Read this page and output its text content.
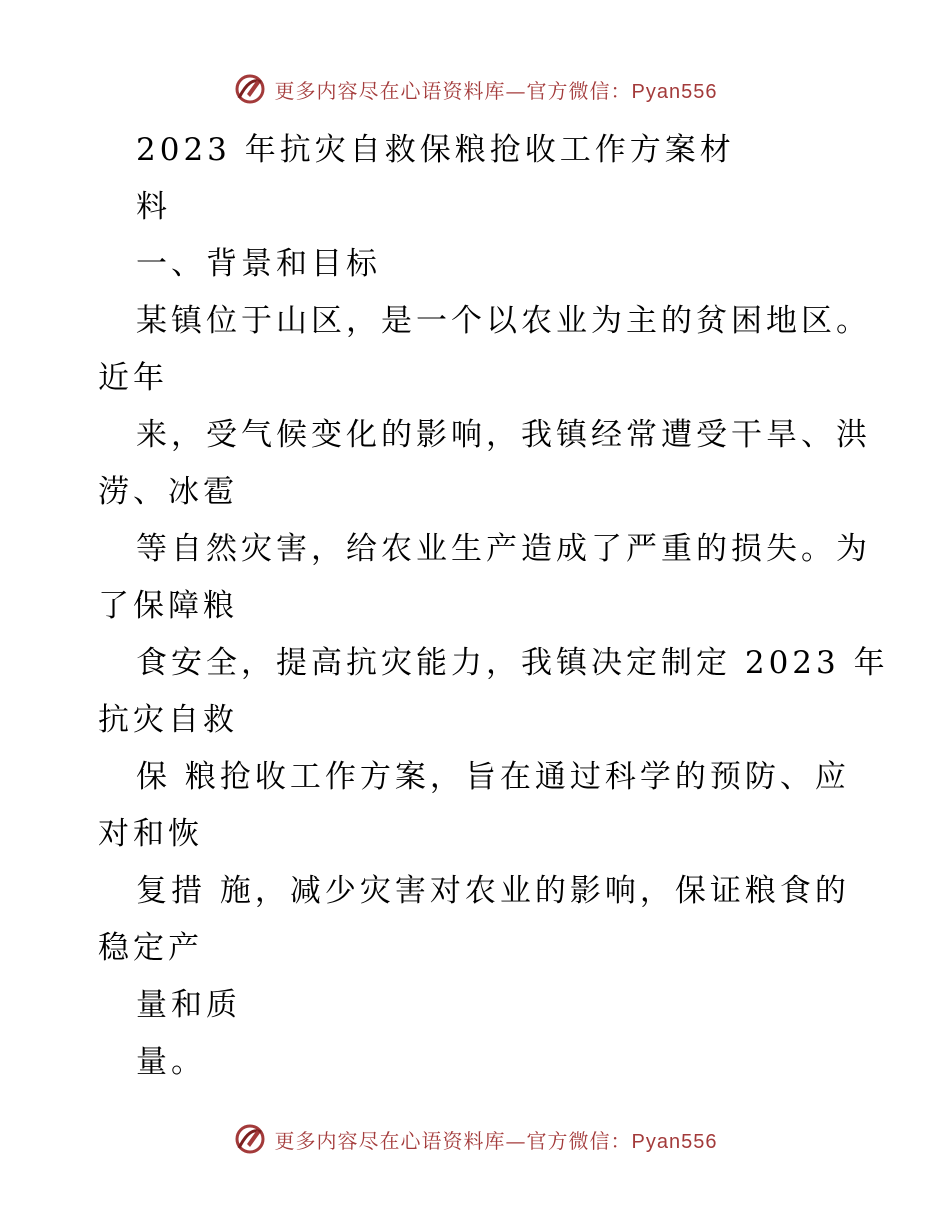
更多内容尽在心语资料库—官方微信：Pyan556
2023 年抗灾自救保粮抢收工作方案材
料
一、背景和目标
某镇位于山区，是一个以农业为主的贫困地区。
近年
来，受气候变化的影响，我镇经常遭受干旱、洪
涝、冰雹
等自然灾害，给农业生产造成了严重的损失。为
了保障粮
食安全，提高抗灾能力，我镇决定制定 2023 年
抗灾自救
保 粮抢收工作方案，旨在通过科学的预防、应
对和恢
复措 施，减少灾害对农业的影响，保证粮食的
稳定产
量和质
量。
更多内容尽在心语资料库—官方微信：Pyan556
